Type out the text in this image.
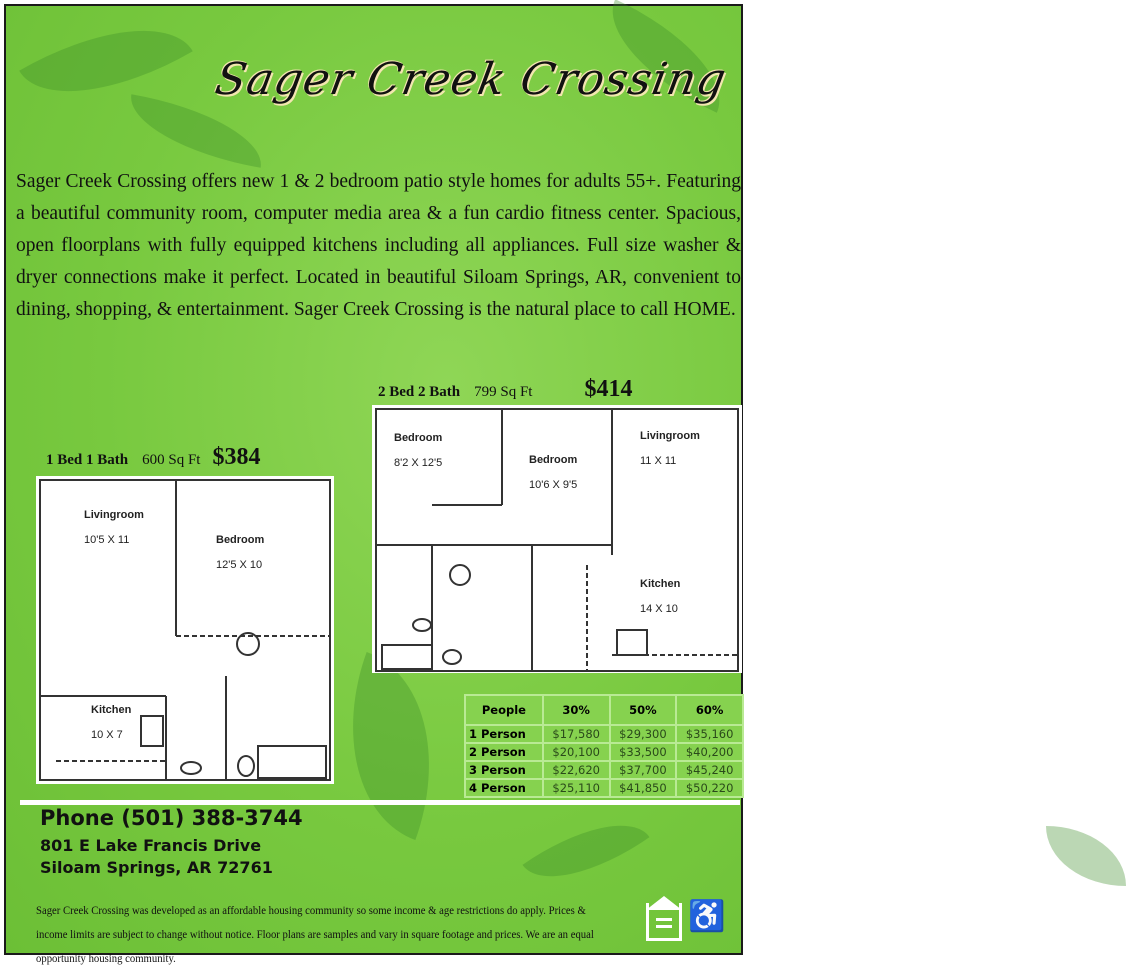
Sager Creek Crossing

Sager Creek Crossing offers new 1 & 2 bedroom patio style homes for adults 55+. Featuring a beautiful community room, computer media area & a fun cardio fitness center. Spacious, open floorplans with fully equipped kitchens including all appliances. Full size washer & dryer connections make it perfect. Located in beautiful Siloam Springs, AR, convenient to dining, shopping, & entertainment. Sager Creek Crossing is the natural place to call HOME.

2 Bed 2 Bath 799 Sq Ft $414
Bedroom
8'2 X 12'5	Bedroom
10'6 X 9'5
Livingroom
11 X 11
Kitchen
14 X 10
1 Bed 1 Bath 600 Sq Ft $384
Livingroom
10'5 X 11	Bedroom
12'5 X 10
Kitchen
10 X 7
People	30%	50%	60%
1 Person	$17,580	$29,300	$35,160
2 Person	$20,100	$33,500	$40,200
3 Person	$22,620	$37,700	$45,240
4 Person	$25,110	$41,850	$50,220
Phone (501) 388-3744
801 E Lake Francis Drive
Siloam Springs, AR 72761

Sager Creek Crossing was developed as an affordable housing community so some income & age restrictions do apply. Prices & income limits are subject to change without notice. Floor plans are samples and vary in square footage and prices. We are an equal opportunity housing community.

♿
